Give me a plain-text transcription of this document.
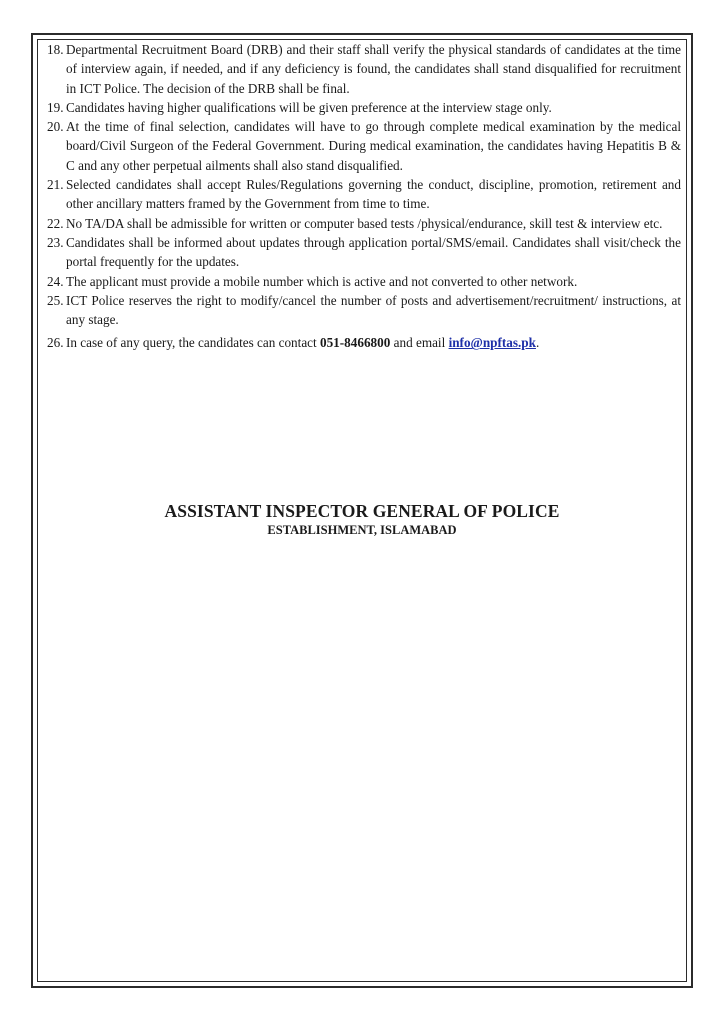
18. Departmental Recruitment Board (DRB) and their staff shall verify the physical standards of candidates at the time of interview again, if needed, and if any deficiency is found, the candidates shall stand disqualified for recruitment in ICT Police. The decision of the DRB shall be final.
19. Candidates having higher qualifications will be given preference at the interview stage only.
20. At the time of final selection, candidates will have to go through complete medical examination by the medical board/Civil Surgeon of the Federal Government. During medical examination, the candidates having Hepatitis B & C and any other perpetual ailments shall also stand disqualified.
21. Selected candidates shall accept Rules/Regulations governing the conduct, discipline, promotion, retirement and other ancillary matters framed by the Government from time to time.
22. No TA/DA shall be admissible for written or computer based tests /physical/endurance, skill test & interview etc.
23. Candidates shall be informed about updates through application portal/SMS/email. Candidates shall visit/check the portal frequently for the updates.
24. The applicant must provide a mobile number which is active and not converted to other network.
25. ICT Police reserves the right to modify/cancel the number of posts and advertisement/recruitment/ instructions, at any stage.
26. In case of any query, the candidates can contact 051-8466800 and email info@npftas.pk.
ASSISTANT INSPECTOR GENERAL OF POLICE
ESTABLISHMENT, ISLAMABAD
